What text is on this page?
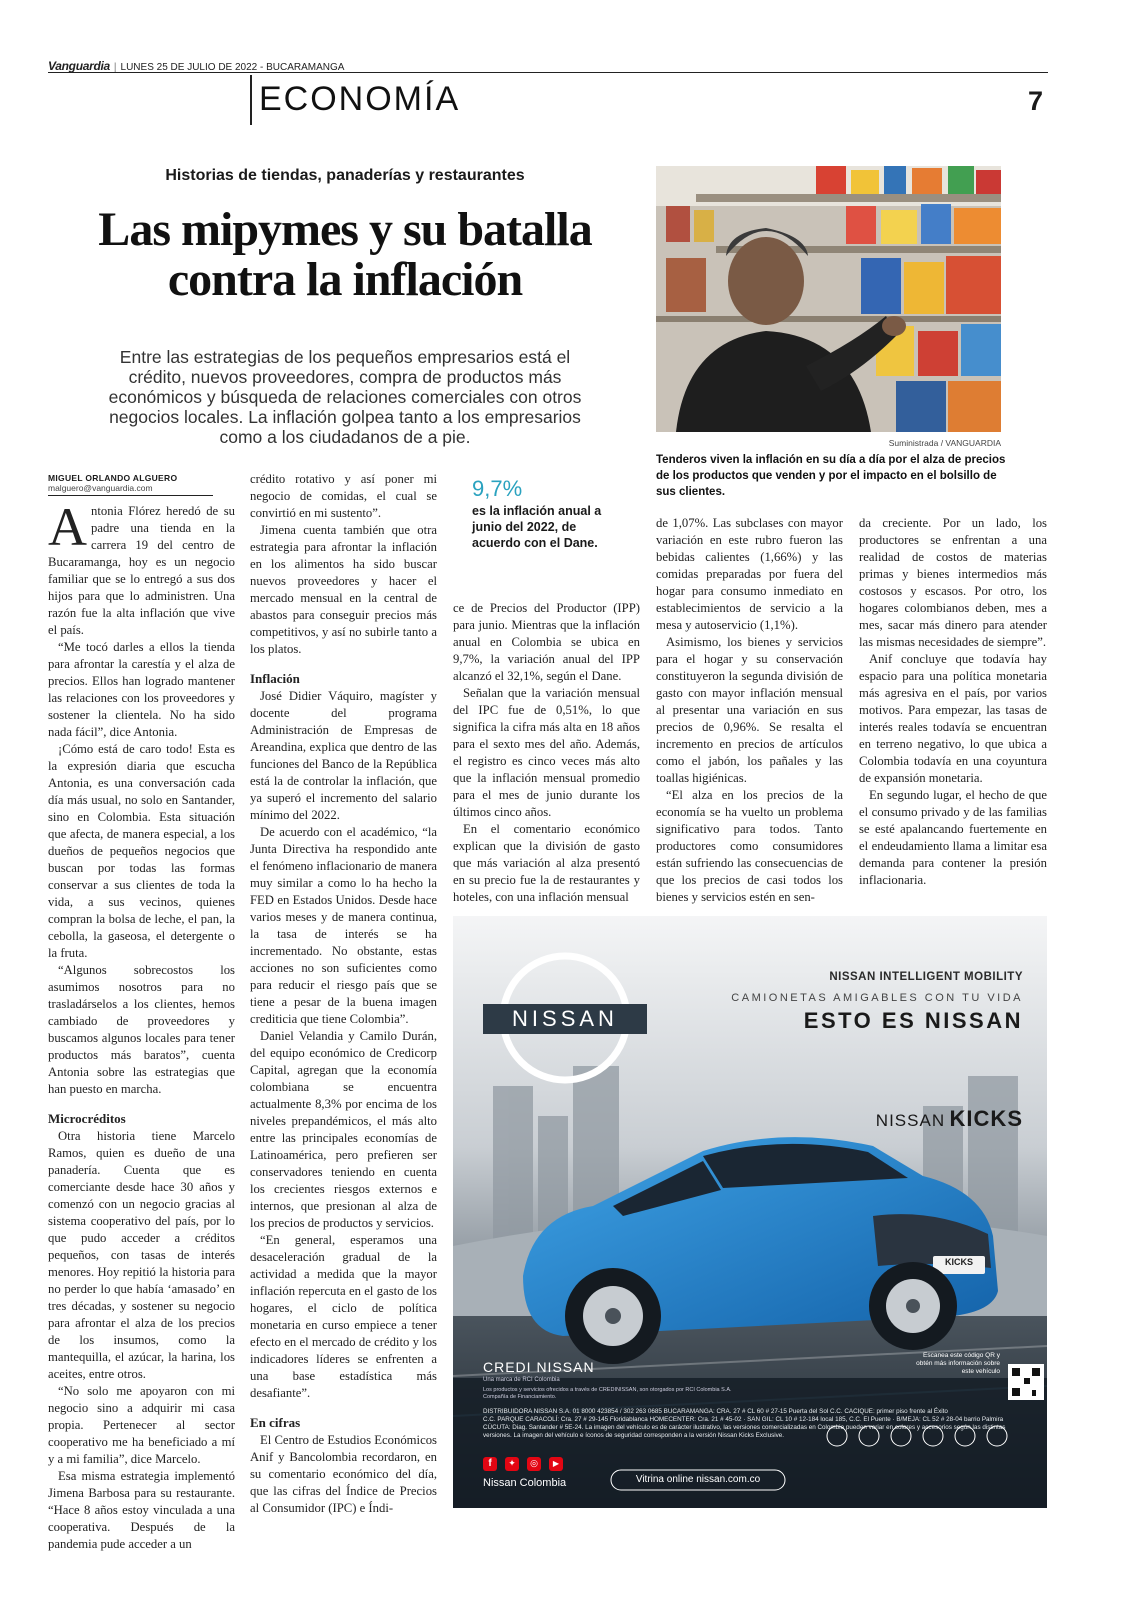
Vanguardia | LUNES 25 DE JULIO DE 2022 - BUCARAMANGA
ECONOMÍA	7
Historias de tiendas, panaderías y restaurantes
Las mipymes y su batalla contra la inflación

Entre las estrategias de los pequeños empresarios está el crédito, nuevos proveedores, compra de productos más económicos y búsqueda de relaciones comerciales con otros negocios locales. La inflación golpea tanto a los empresarios como a los ciudadanos de a pie.	Suministrada / VANGUARDIA
Tenderos viven la inflación en su día a día por el alza de precios de los productos que venden y por el impacto en el bolsillo de sus clientes.
MIGUEL ORLANDO ALGUERO
malguero@vanguardia.com

Antonia Flórez heredó de su padre una tienda en la carrera 19 del centro de Bucaramanga, hoy es un negocio familiar que se lo entregó a sus dos hijos para que lo administren. Una razón fue la alta inflación que vive el país.

“Me tocó darles a ellos la tienda para afrontar la carestía y el alza de precios. Ellos han logrado mantener las relaciones con los proveedores y sostener la clientela. No ha sido nada fácil”, dice Antonia.

¡Cómo está de caro todo! Esta es la expresión diaria que escucha Antonia, es una conversación cada día más usual, no solo en Santander, sino en Colombia. Esta situación que afecta, de manera especial, a los dueños de pequeños negocios que buscan por todas las formas conservar a sus clientes de toda la vida, a sus vecinos, quienes compran la bolsa de leche, el pan, la cebolla, la gaseosa, el detergente o la fruta.

“Algunos sobrecostos los asumimos nosotros para no trasladárselos a los clientes, hemos cambiado de proveedores y buscamos algunos locales para tener productos más baratos”, cuenta Antonia sobre las estrategias que han puesto en marcha.

Microcréditos

Otra historia tiene Marcelo Ramos, quien es dueño de una panadería. Cuenta que es comerciante desde hace 30 años y comenzó con un negocio gracias al sistema cooperativo del país, por lo que pudo acceder a créditos pequeños, con tasas de interés menores. Hoy repitió la historia para no perder lo que había ‘amasado’ en tres décadas, y sostener su negocio para afrontar el alza de los precios de los insumos, como la mantequilla, el azúcar, la harina, los aceites, entre otros.

“No solo me apoyaron con mi negocio sino a adquirir mi casa propia. Pertenecer al sector cooperativo me ha beneficiado a mí y a mi familia”, dice Marcelo.

Esa misma estrategia implementó Jimena Barbosa para su restaurante. “Hace 8 años estoy vinculada a una cooperativa. Después de la pandemia pude acceder a un

crédito rotativo y así poner mi negocio de comidas, el cual se convirtió en mi sustento”.

Jimena cuenta también que otra estrategia para afrontar la inflación en los alimentos ha sido buscar nuevos proveedores y hacer el mercado mensual en la central de abastos para conseguir precios más competitivos, y así no subirle tanto a los platos.

Inflación

José Didier Váquiro, magíster y docente del programa Administración de Empresas de Areandina, explica que dentro de las funciones del Banco de la República está la de controlar la inflación, que ya superó el incremento del salario mínimo del 2022.

De acuerdo con el académico, “la Junta Directiva ha respondido ante el fenómeno inflacionario de manera muy similar a como lo ha hecho la FED en Estados Unidos. Desde hace varios meses y de manera continua, la tasa de interés se ha incrementado. No obstante, estas acciones no son suficientes como para reducir el riesgo país que se tiene a pesar de la buena imagen crediticia que tiene Colombia”.

Daniel Velandia y Camilo Durán, del equipo económico de Credicorp Capital, agregan que la economía colombiana se encuentra actualmente 8,3% por encima de los niveles prepandémicos, el más alto entre las principales economías de Latinoamérica, pero prefieren ser conservadores teniendo en cuenta los crecientes riesgos externos e internos, que presionan al alza de los precios de productos y servicios.

“En general, esperamos una desaceleración gradual de la actividad a medida que la mayor inflación repercuta en el gasto de los hogares, el ciclo de política monetaria en curso empiece a tener efecto en el mercado de crédito y los indicadores líderes se enfrenten a una base estadística más desafiante”.

En cifras

El Centro de Estudios Económicos Anif y Bancolombia recordaron, en su comentario económico del día, que las cifras del Índice de Precios al Consumidor (IPC) e Índi-

9,7%
es la inflación anual a junio del 2022, de acuerdo con el Dane.

ce de Precios del Productor (IPP) para junio. Mientras que la inflación anual en Colombia se ubica en 9,7%, la variación anual del IPP alcanzó el 32,1%, según el Dane.

Señalan que la variación mensual del IPC fue de 0,51%, lo que significa la cifra más alta en 18 años para el sexto mes del año. Además, el registro es cinco veces más alto que la inflación mensual promedio para el mes de junio durante los últimos cinco años.

En el comentario económico explican que la división de gasto que más variación al alza presentó en su precio fue la de restaurantes y hoteles, con una inflación mensual

de 1,07%. Las subclases con mayor variación en este rubro fueron las bebidas calientes (1,66%) y las comidas preparadas por fuera del hogar para consumo inmediato en establecimientos de servicio a la mesa y autoservicio (1,1%).

Asimismo, los bienes y servicios para el hogar y su conservación constituyeron la segunda división de gasto con mayor inflación mensual al presentar una variación en sus precios de 0,96%. Se resalta el incremento en precios de artículos como el jabón, los pañales y las toallas higiénicas.

“El alza en los precios de la economía se ha vuelto un problema significativo para todos. Tanto productores como consumidores están sufriendo las consecuencias de que los precios de casi todos los bienes y servicios estén en sen-

da creciente. Por un lado, los productores se enfrentan a una realidad de costos de materias primas y bienes intermedios más costosos y escasos. Por otro, los hogares colombianos deben, mes a mes, sacar más dinero para atender las mismas necesidades de siempre”.

Anif concluye que todavía hay espacio para una política monetaria más agresiva en el país, por varios motivos. Para empezar, las tasas de interés reales todavía se encuentran en terreno negativo, lo que ubica a Colombia todavía en una coyuntura de expansión monetaria.

En segundo lugar, el hecho de que el consumo privado y de las familias se esté apalancando fuertemente en el endeudamiento llama a limitar esa demanda para contener la presión inflacionaria.

NISSAN
NISSAN INTELLIGENT MOBILITY
CAMIONETAS AMIGABLES CON TU VIDA
ESTO ES NISSAN
NISSAN KICKS
KICKS
CREDI NISSAN
Una marca de RCI Colombia
Los productos y servicios ofrecidos a través de CREDINISSAN, son otorgados por RCI Colombia S.A. Compañía de Financiamiento.
Escanea este código QR y obtén más información sobre este vehículo
DISTRIBUIDORA NISSAN S.A. 01 8000 423854 / 302 263 0685 BUCARAMANGA: CRA. 27 # CL 60 # 27-15 Puerta del Sol C.C. CACIQUE: primer piso frente al Éxito
C.C. PARQUE CARACOLÍ: Cra. 27 # 29-145 Floridablanca HOMECENTER: Cra. 21 # 45-02 · SAN GIL: CL 10 # 12-184 local 185, C.C. El Puente · B/MEJA: CL 52 # 28-04 barrio Palmira
CÚCUTA: Diag. Santander # 5E-24. La imagen del vehículo es de carácter ilustrativo, las versiones comercializadas en Colombia pueden variar en colores y accesorios según las distintas versiones. La imagen del vehículo e íconos de seguridad corresponden a la versión Nissan Kicks Exclusive.
f	✦	◎	▶
Nissan Colombia	Vitrina online nissan.com.co
